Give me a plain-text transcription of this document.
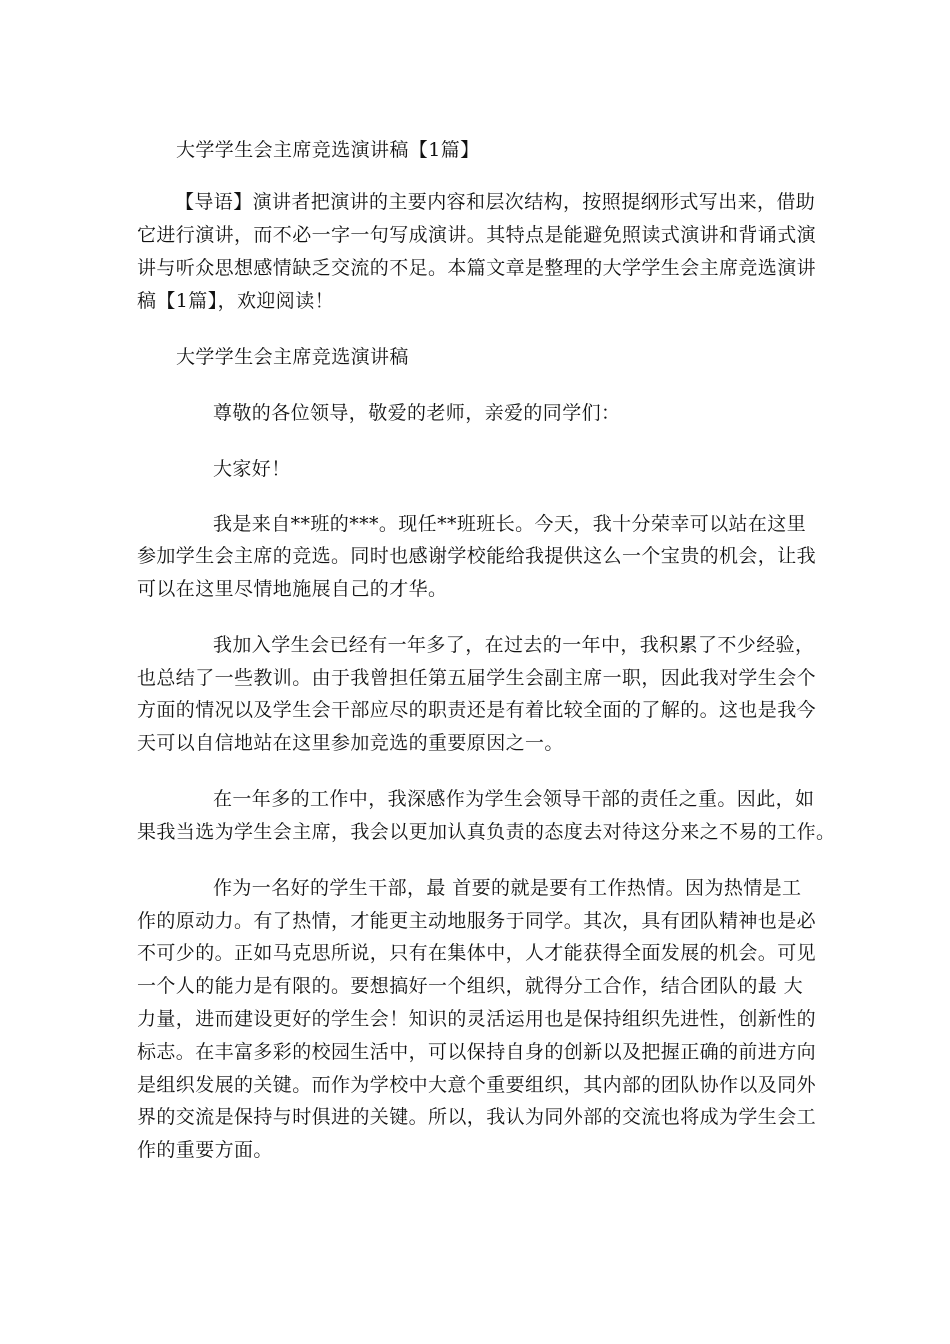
大学学生会主席竞选演讲稿【1篇】
【导语】演讲者把演讲的主要内容和层次结构，按照提纲形式写出来，借助
它进行演讲，而不必一字一句写成演讲。其特点是能避免照读式演讲和背诵式演
讲与听众思想感情缺乏交流的不足。本篇文章是整理的大学学生会主席竞选演讲
稿【1篇】，欢迎阅读！
大学学生会主席竞选演讲稿
尊敬的各位领导，敬爱的老师，亲爱的同学们：
大家好！
我是来自**班的***。现任**班班长。今天，我十分荣幸可以站在这里
参加学生会主席的竞选。同时也感谢学校能给我提供这么一个宝贵的机会，让我
可以在这里尽情地施展自己的才华。
我加入学生会已经有一年多了，在过去的一年中，我积累了不少经验，
也总结了一些教训。由于我曾担任第五届学生会副主席一职，因此我对学生会个
方面的情况以及学生会干部应尽的职责还是有着比较全面的了解的。这也是我今
天可以自信地站在这里参加竞选的重要原因之一。
在一年多的工作中，我深感作为学生会领导干部的责任之重。因此，如
果我当选为学生会主席，我会以更加认真负责的态度去对待这分来之不易的工作。
作为一名好的学生干部，最 首要的就是要有工作热情。因为热情是工
作的原动力。有了热情，才能更主动地服务于同学。其次，具有团队精神也是必
不可少的。正如马克思所说，只有在集体中，人才能获得全面发展的机会。可见
一个人的能力是有限的。要想搞好一个组织，就得分工合作，结合团队的最 大
力量，进而建设更好的学生会！知识的灵活运用也是保持组织先进性，创新性的
标志。在丰富多彩的校园生活中，可以保持自身的创新以及把握正确的前进方向
是组织发展的关键。而作为学校中大意个重要组织，其内部的团队协作以及同外
界的交流是保持与时俱进的关键。所以，我认为同外部的交流也将成为学生会工
作的重要方面。
